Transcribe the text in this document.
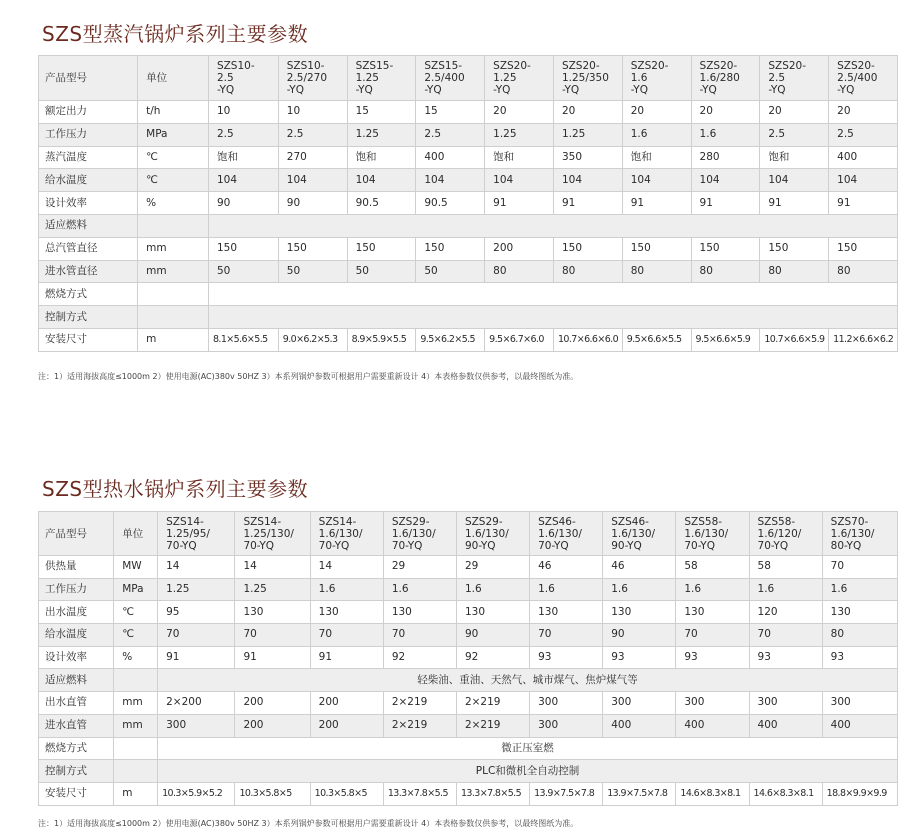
SZS型蒸汽锅炉系列主要参数
产品型号	单位	SZS10-
2.5
-YQ	SZS10-
2.5/270
-YQ	SZS15-
1.25
-YQ	SZS15-
2.5/400
-YQ	SZS20-
1.25
-YQ	SZS20-
1.25/350
-YQ	SZS20-
1.6
-YQ	SZS20-
1.6/280
-YQ	SZS20-
2.5
-YQ	SZS20-
2.5/400
-YQ
额定出力	t/h	10	10	15	15	20	20	20	20	20	20
工作压力	MPa	2.5	2.5	1.25	2.5	1.25	1.25	1.6	1.6	2.5	2.5
蒸汽温度	℃	饱和	270	饱和	400	饱和	350	饱和	280	饱和	400
给水温度	℃	104	104	104	104	104	104	104	104	104	104
设计效率	%	90	90	90.5	90.5	91	91	91	91	91	91
适应燃料											
总汽管直径	mm	150	150	150	150	200	150	150	150	150	150
进水管直径	mm	50	50	50	50	80	80	80	80	80	80
燃烧方式											
控制方式											
安装尺寸	m	8.1×5.6×5.5	9.0×6.2×5.3	8.9×5.9×5.5	9.5×6.2×5.5	9.5×6.7×6.0	10.7×6.6×6.0	9.5×6.6×5.5	9.5×6.6×5.9	10.7×6.6×5.9	11.2×6.6×6.2
注：1）适用海拔高度≤1000m 2）使用电源(AC)380v 50HZ 3）本系列锅炉参数可根据用户需要重新设计 4）本表格参数仅供参考，以最终图纸为准。
SZS型热水锅炉系列主要参数
产品型号	单位	SZS14-
1.25/95/
70-YQ	SZS14-
1.25/130/
70-YQ	SZS14-
1.6/130/
70-YQ	SZS29-
1.6/130/
70-YQ	SZS29-
1.6/130/
90-YQ	SZS46-
1.6/130/
70-YQ	SZS46-
1.6/130/
90-YQ	SZS58-
1.6/130/
70-YQ	SZS58-
1.6/120/
70-YQ	SZS70-
1.6/130/
80-YQ
供热量	MW	14	14	14	29	29	46	46	58	58	70
工作压力	MPa	1.25	1.25	1.6	1.6	1.6	1.6	1.6	1.6	1.6	1.6
出水温度	℃	95	130	130	130	130	130	130	130	120	130
给水温度	℃	70	70	70	70	90	70	90	70	70	80
设计效率	%	91	91	91	92	92	93	93	93	93	93
适应燃料		轻柴油、重油、天然气、城市煤气、焦炉煤气等									
出水直管	mm	2×200	200	200	2×219	2×219	300	300	300	300	300
进水直管	mm	300	200	200	2×219	2×219	300	400	400	400	400
燃烧方式		微正压室燃									
控制方式		PLC和微机全自动控制									
安装尺寸	m	10.3×5.9×5.2	10.3×5.8×5	10.3×5.8×5	13.3×7.8×5.5	13.3×7.8×5.5	13.9×7.5×7.8	13.9×7.5×7.8	14.6×8.3×8.1	14.6×8.3×8.1	18.8×9.9×9.9
注：1）适用海拔高度≤1000m 2）使用电源(AC)380v 50HZ 3）本系列锅炉参数可根据用户需要重新设计 4）本表格参数仅供参考，以最终图纸为准。
